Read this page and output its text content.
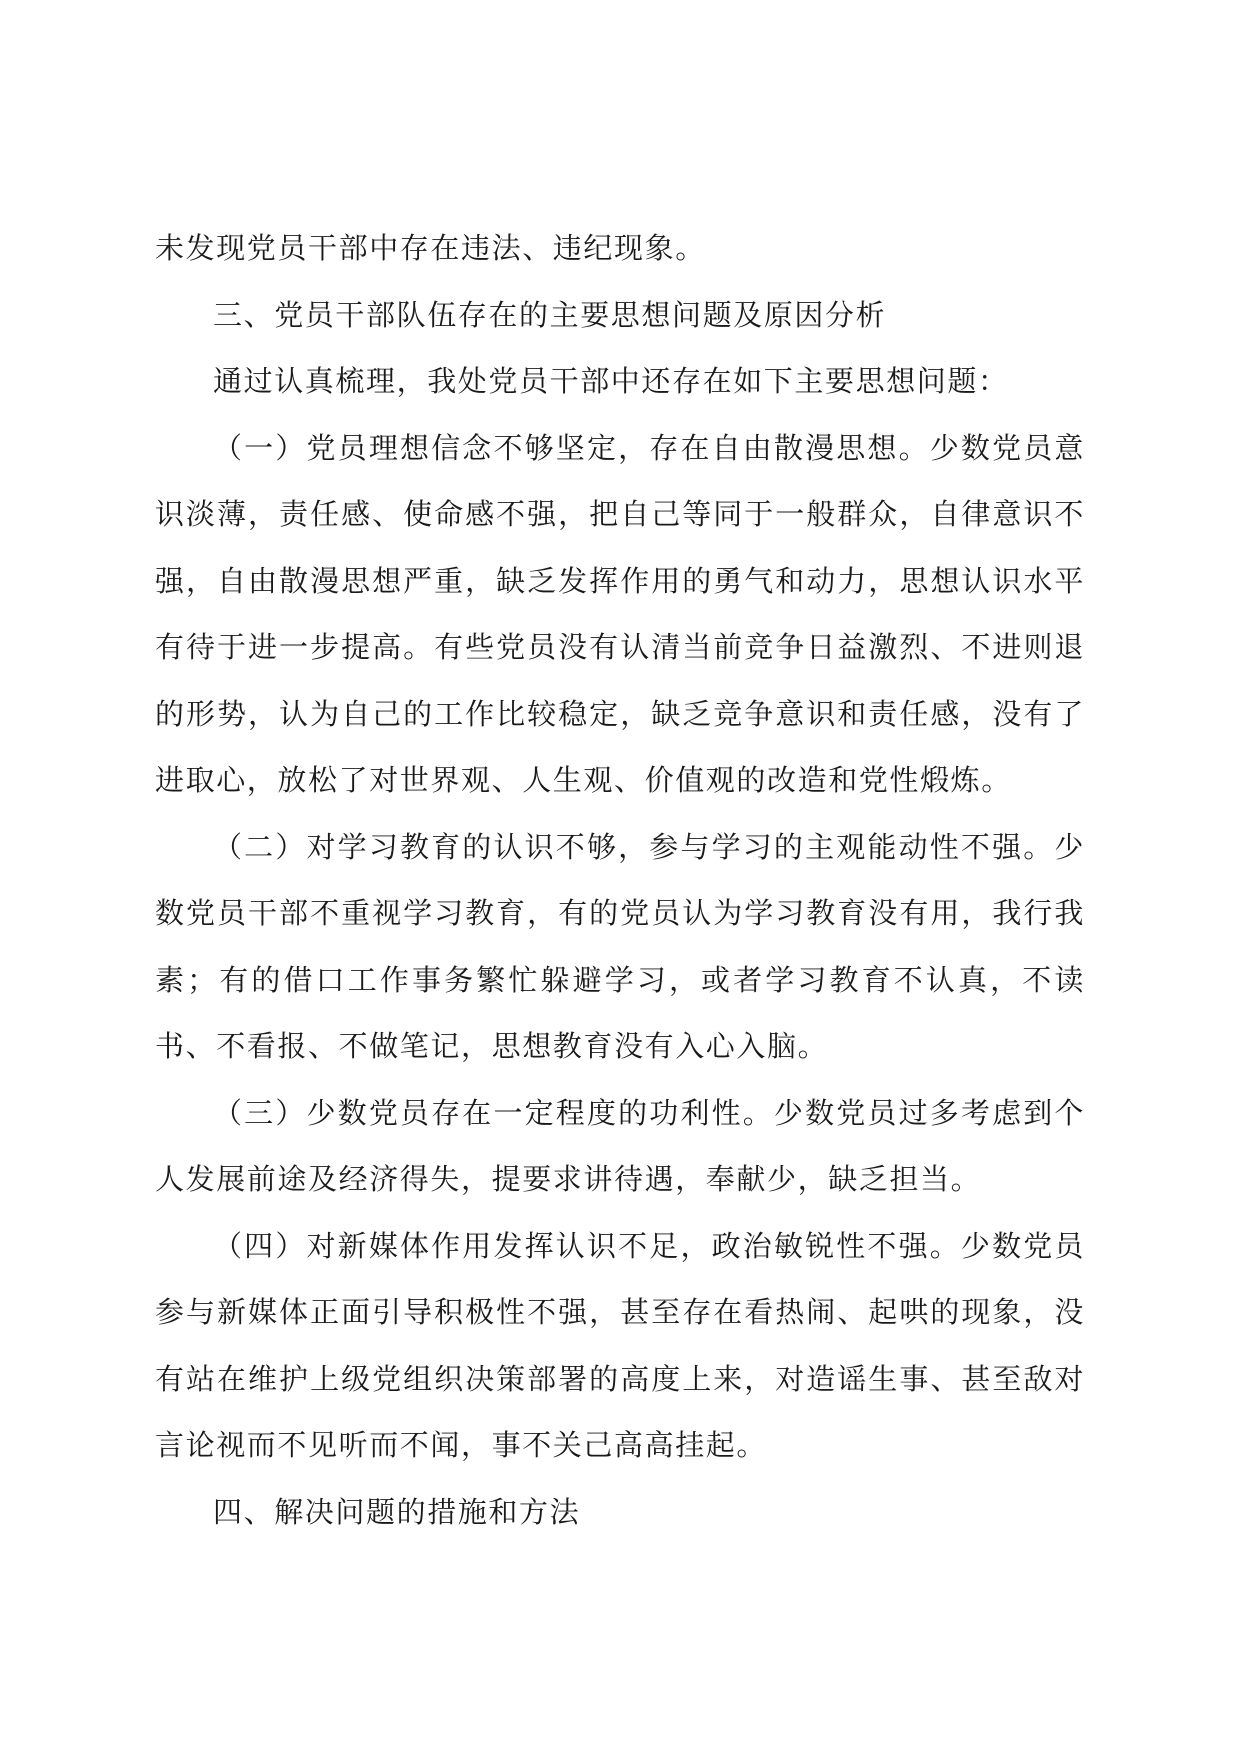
未发现党员干部中存在违法、违纪现象。

三、党员干部队伍存在的主要思想问题及原因分析

通过认真梳理，我处党员干部中还存在如下主要思想问题：

（一）党员理想信念不够坚定，存在自由散漫思想。少数党员意识淡薄，责任感、使命感不强，把自己等同于一般群众，自律意识不强，自由散漫思想严重，缺乏发挥作用的勇气和动力，思想认识水平有待于进一步提高。有些党员没有认清当前竞争日益激烈、不进则退的形势，认为自己的工作比较稳定，缺乏竞争意识和责任感，没有了进取心，放松了对世界观、人生观、价值观的改造和党性煅炼。

（二）对学习教育的认识不够，参与学习的主观能动性不强。少数党员干部不重视学习教育，有的党员认为学习教育没有用，我行我素；有的借口工作事务繁忙躲避学习，或者学习教育不认真，不读书、不看报、不做笔记，思想教育没有入心入脑。

（三）少数党员存在一定程度的功利性。少数党员过多考虑到个人发展前途及经济得失，提要求讲待遇，奉献少，缺乏担当。

（四）对新媒体作用发挥认识不足，政治敏锐性不强。少数党员参与新媒体正面引导积极性不强，甚至存在看热闹、起哄的现象，没有站在维护上级党组织决策部署的高度上来，对造谣生事、甚至敌对言论视而不见听而不闻，事不关己高高挂起。

四、解决问题的措施和方法
